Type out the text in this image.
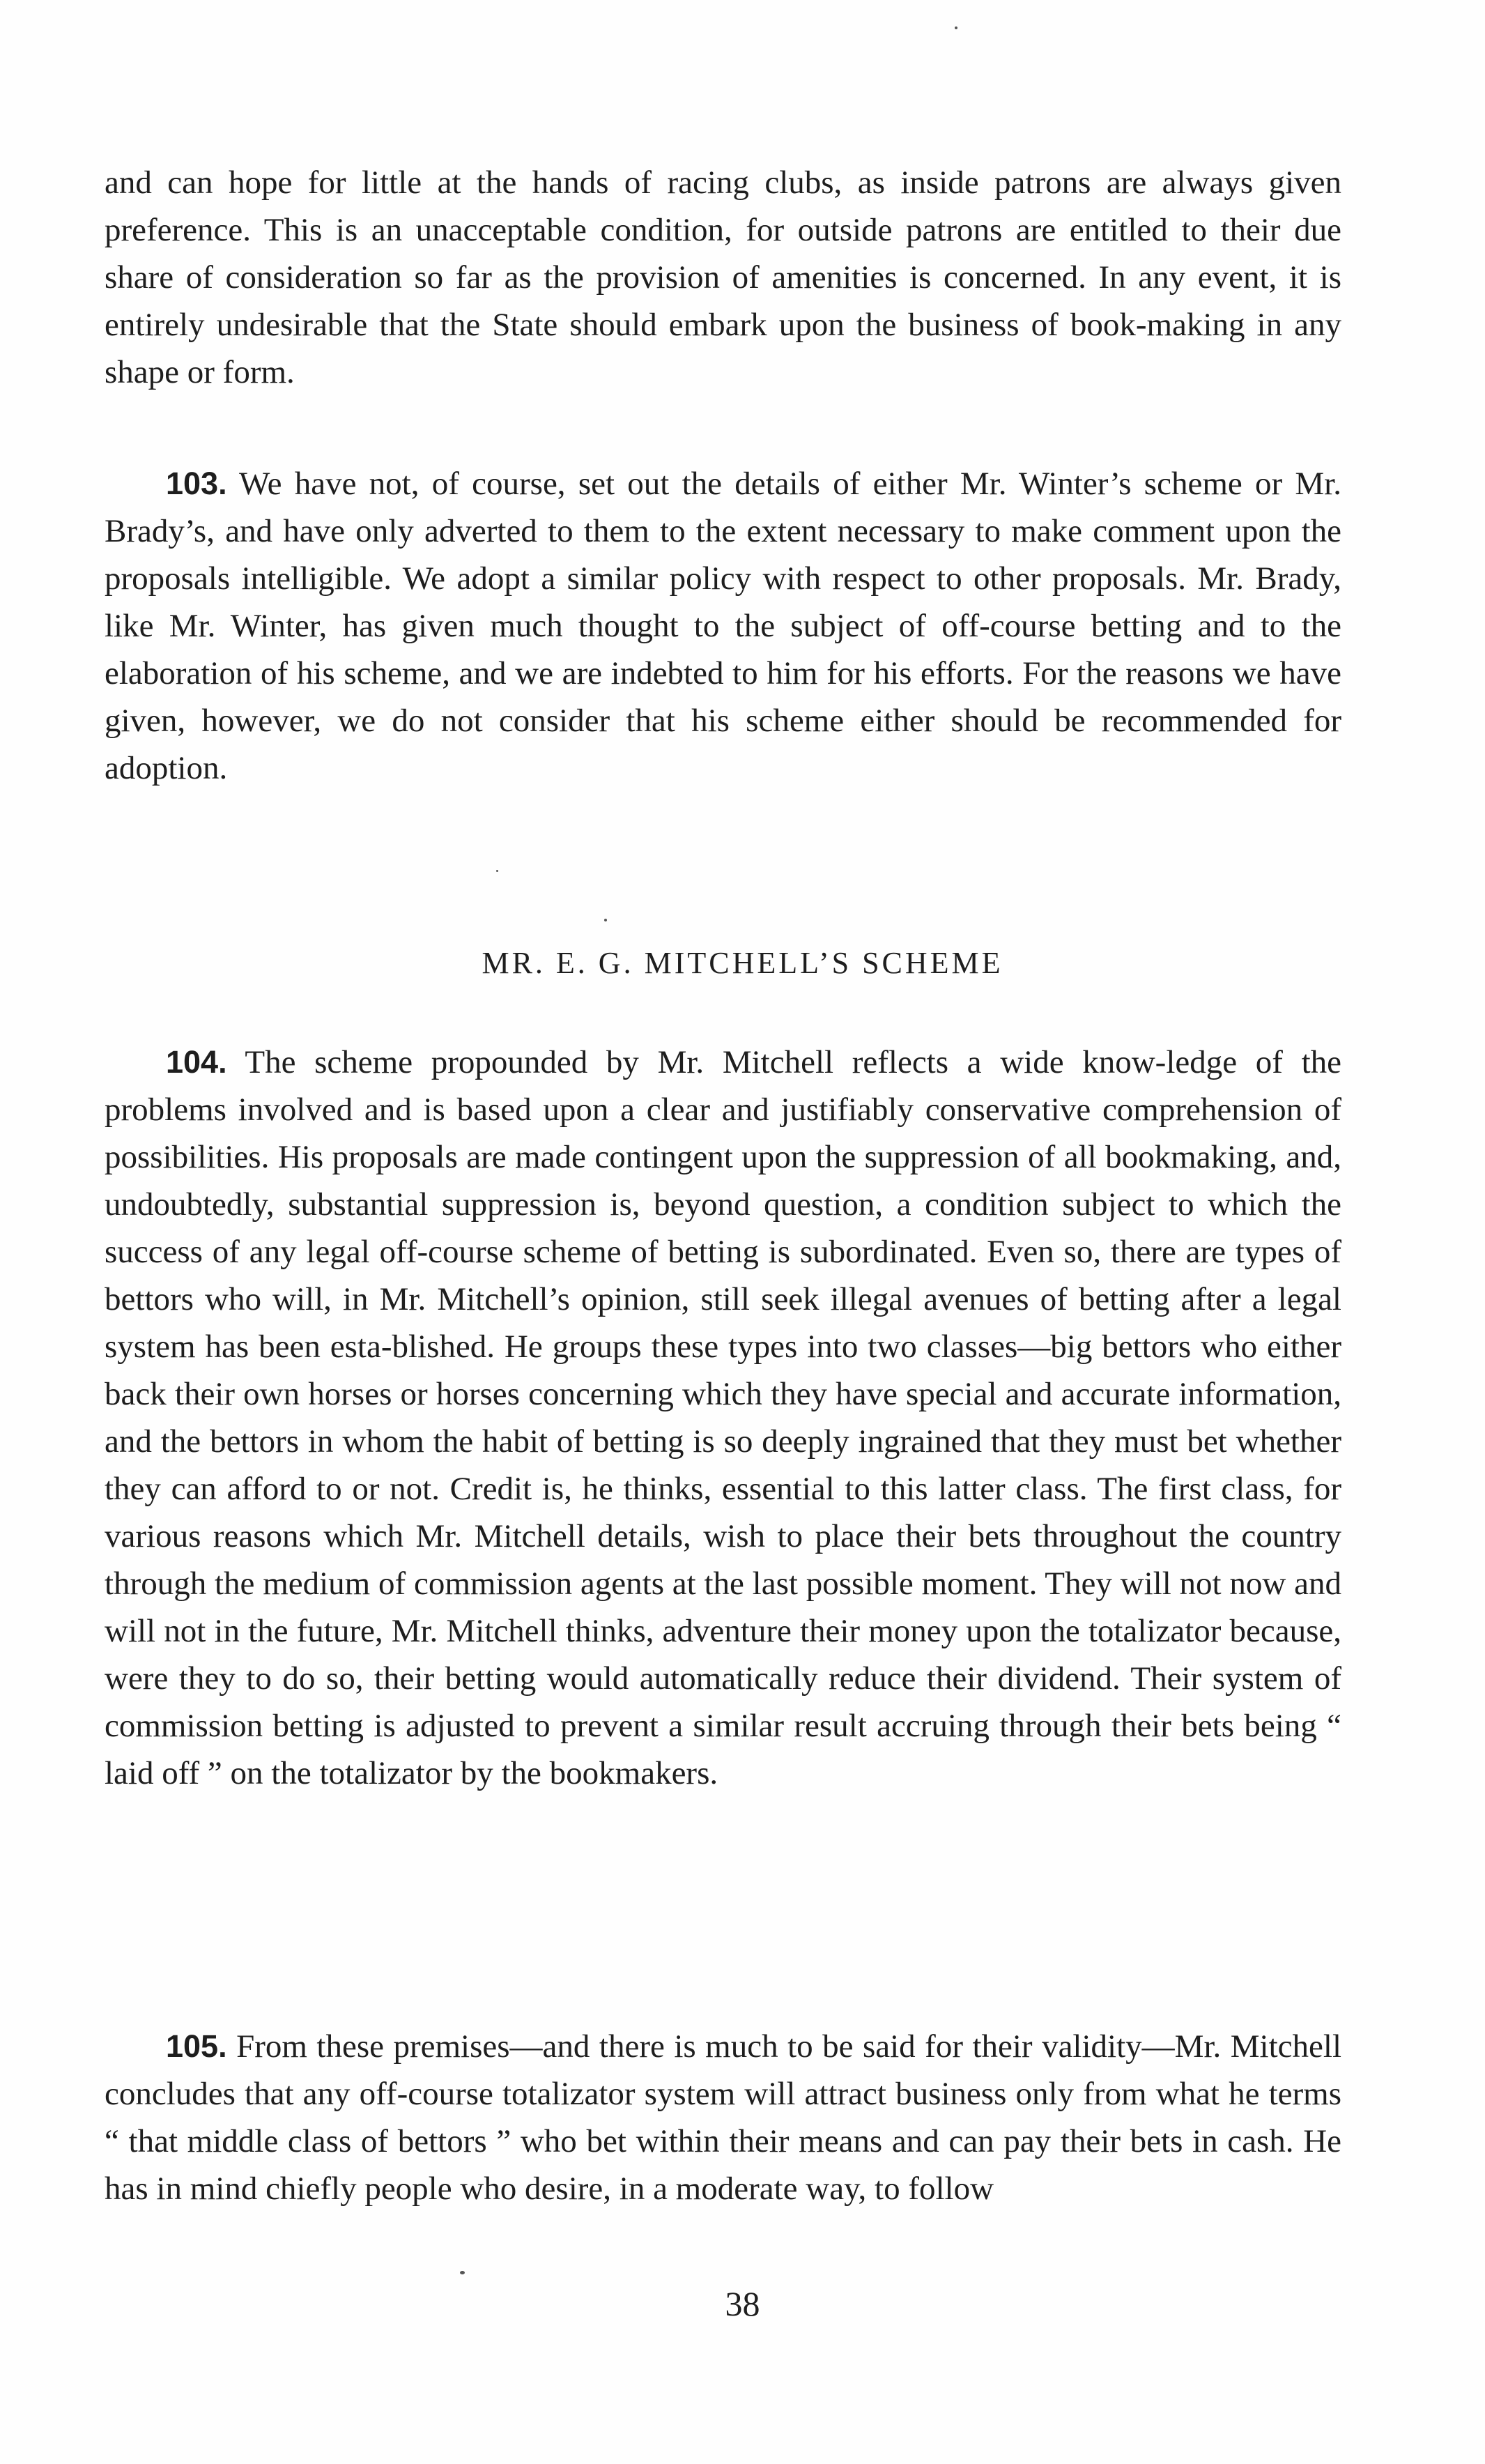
and can hope for little at the hands of racing clubs, as inside patrons are always given preference. This is an unacceptable condition, for outside patrons are entitled to their due share of consideration so far as the provision of amenities is concerned. In any event, it is entirely undesirable that the State should embark upon the business of book-making in any shape or form.

103. We have not, of course, set out the details of either Mr. Winter’s scheme or Mr. Brady’s, and have only adverted to them to the extent necessary to make comment upon the proposals intelligible. We adopt a similar policy with respect to other proposals. Mr. Brady, like Mr. Winter, has given much thought to the subject of off-course betting and to the elaboration of his scheme, and we are indebted to him for his efforts. For the reasons we have given, however, we do not consider that his scheme either should be recommended for adoption.

MR. E. G. MITCHELL’S SCHEME

104. The scheme propounded by Mr. Mitchell reflects a wide know-ledge of the problems involved and is based upon a clear and justifiably conservative comprehension of possibilities. His proposals are made contingent upon the suppression of all bookmaking, and, undoubtedly, substantial suppression is, beyond question, a condition subject to which the success of any legal off-course scheme of betting is subordinated. Even so, there are types of bettors who will, in Mr. Mitchell’s opinion, still seek illegal avenues of betting after a legal system has been esta-blished. He groups these types into two classes—big bettors who either back their own horses or horses concerning which they have special and accurate information, and the bettors in whom the habit of betting is so deeply ingrained that they must bet whether they can afford to or not. Credit is, he thinks, essential to this latter class. The first class, for various reasons which Mr. Mitchell details, wish to place their bets throughout the country through the medium of commission agents at the last possible moment. They will not now and will not in the future, Mr. Mitchell thinks, adventure their money upon the totalizator because, were they to do so, their betting would automatically reduce their dividend. Their system of commission betting is adjusted to prevent a similar result accruing through their bets being “ laid off ” on the totalizator by the bookmakers.

105. From these premises—and there is much to be said for their validity—Mr. Mitchell concludes that any off-course totalizator system will attract business only from what he terms “ that middle class of bettors ” who bet within their means and can pay their bets in cash. He has in mind chiefly people who desire, in a moderate way, to follow

38
